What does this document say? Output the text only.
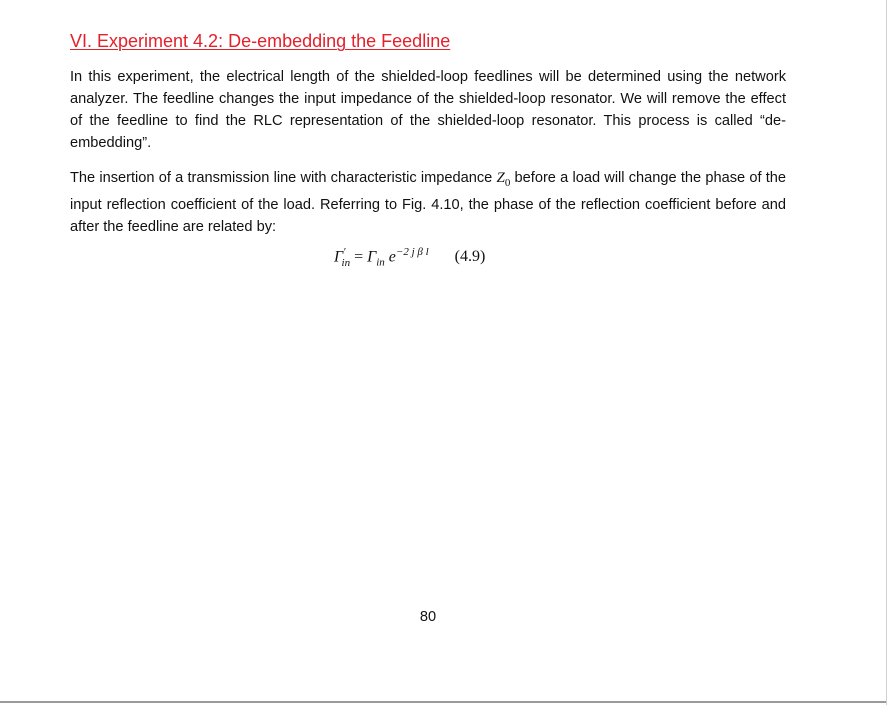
VI. Experiment 4.2: De-embedding the Feedline

In this experiment, the electrical length of the shielded-loop feedlines will be determined using the network analyzer. The feedline changes the input impedance of the shielded-loop resonator. We will remove the effect of the feedline to find the RLC representation of the shielded-loop resonator. This process is called “de-embedding”.

The insertion of a transmission line with characteristic impedance $Z_0$ before a load will change the phase of the input reflection coefficient of the load. Referring to Fig. 4.10, the phase of the reflection coefficient before and after the feedline are related by:

$\Gamma'_{in} = \Gamma_{in}$ $e^{-2 j \beta l}$ (4.9)
80
